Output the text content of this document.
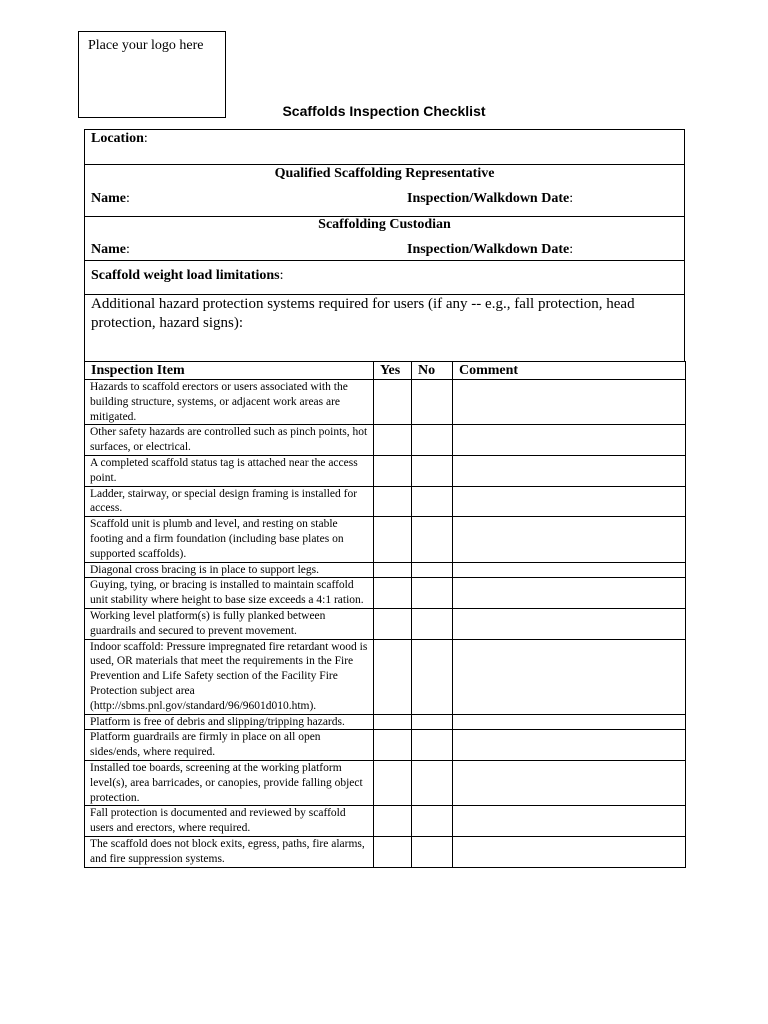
Place your logo here
Scaffolds Inspection Checklist
Location:
Qualified Scaffolding Representative
Name:	Inspection/Walkdown Date:
Scaffolding Custodian
Name:	Inspection/Walkdown Date:
Scaffold weight load limitations:
Additional hazard protection systems required for users (if any -- e.g., fall protection, head protection, hazard signs):
Inspection Item	Yes	No	Comment
Hazards to scaffold erectors or users associated with the building structure, systems, or adjacent work areas are mitigated.			
Other safety hazards are controlled such as pinch points, hot surfaces, or electrical.			
A completed scaffold status tag is attached near the access point.			
Ladder, stairway, or special design framing is installed for access.			
Scaffold unit is plumb and level, and resting on stable footing and a firm foundation (including base plates on supported scaffolds).			
Diagonal cross bracing is in place to support legs.			
Guying, tying, or bracing is installed to maintain scaffold unit stability where height to base size exceeds a 4:1 ration.			
Working level platform(s) is fully planked between guardrails and secured to prevent movement.			
Indoor scaffold: Pressure impregnated fire retardant wood is used, OR materials that meet the requirements in the Fire Prevention and Life Safety section of the Facility Fire Protection subject area (http://sbms.pnl.gov/standard/96/9601d010.htm).			
Platform is free of debris and slipping/tripping hazards.			
Platform guardrails are firmly in place on all open sides/ends, where required.			
Installed toe boards, screening at the working platform level(s), area barricades, or canopies, provide falling object protection.			
Fall protection is documented and reviewed by scaffold users and erectors, where required.			
The scaffold does not block exits, egress, paths, fire alarms, and fire suppression systems.			
